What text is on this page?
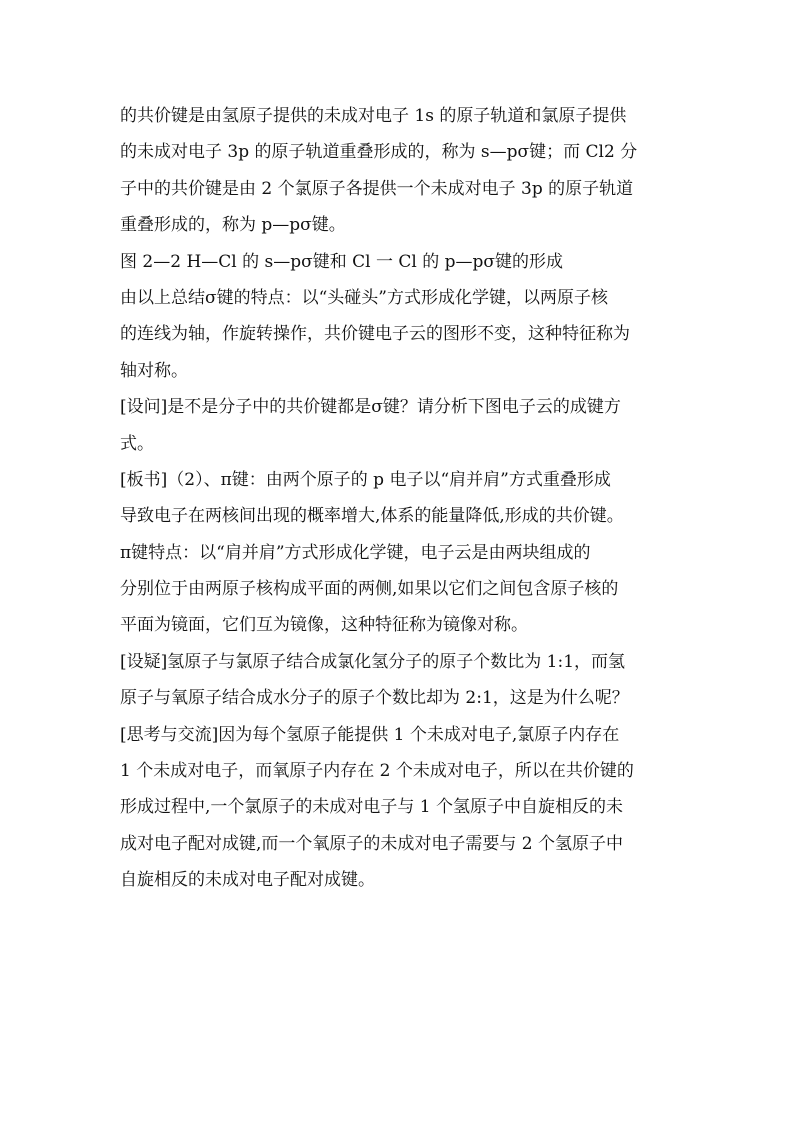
的共价键是由氢原子提供的未成对电子 1s 的原子轨道和氯原子提供
的未成对电子 3p 的原子轨道重叠形成的，称为 s—pσ键；而 Cl2 分
子中的共价键是由 2 个氯原子各提供一个未成对电子 3p 的原子轨道
重叠形成的，称为 p—pσ键。
图 2—2 H—Cl 的 s—pσ键和 Cl 一 Cl 的 p—pσ键的形成
由以上总结σ键的特点：以“头碰头”方式形成化学键，以两原子核
的连线为轴，作旋转操作，共价键电子云的图形不变，这种特征称为
轴对称。
[设问]是不是分子中的共价键都是σ键？请分析下图电子云的成键方
式。
[板书]（2）、π键：由两个原子的 p 电子以“肩并肩”方式重叠形成
导致电子在两核间出现的概率增大,体系的能量降低,形成的共价键。
π键特点：以“肩并肩”方式形成化学键，电子云是由两块组成的
分别位于由两原子核构成平面的两侧,如果以它们之间包含原子核的
平面为镜面，它们互为镜像，这种特征称为镜像对称。
[设疑]氢原子与氯原子结合成氯化氢分子的原子个数比为 1:1，而氢
原子与氧原子结合成水分子的原子个数比却为 2:1，这是为什么呢？
[思考与交流]因为每个氢原子能提供 1 个未成对电子,氯原子内存在
1 个未成对电子，而氧原子内存在 2 个未成对电子，所以在共价键的
形成过程中,一个氯原子的未成对电子与 1 个氢原子中自旋相反的未
成对电子配对成键,而一个氧原子的未成对电子需要与 2 个氢原子中
自旋相反的未成对电子配对成键。
